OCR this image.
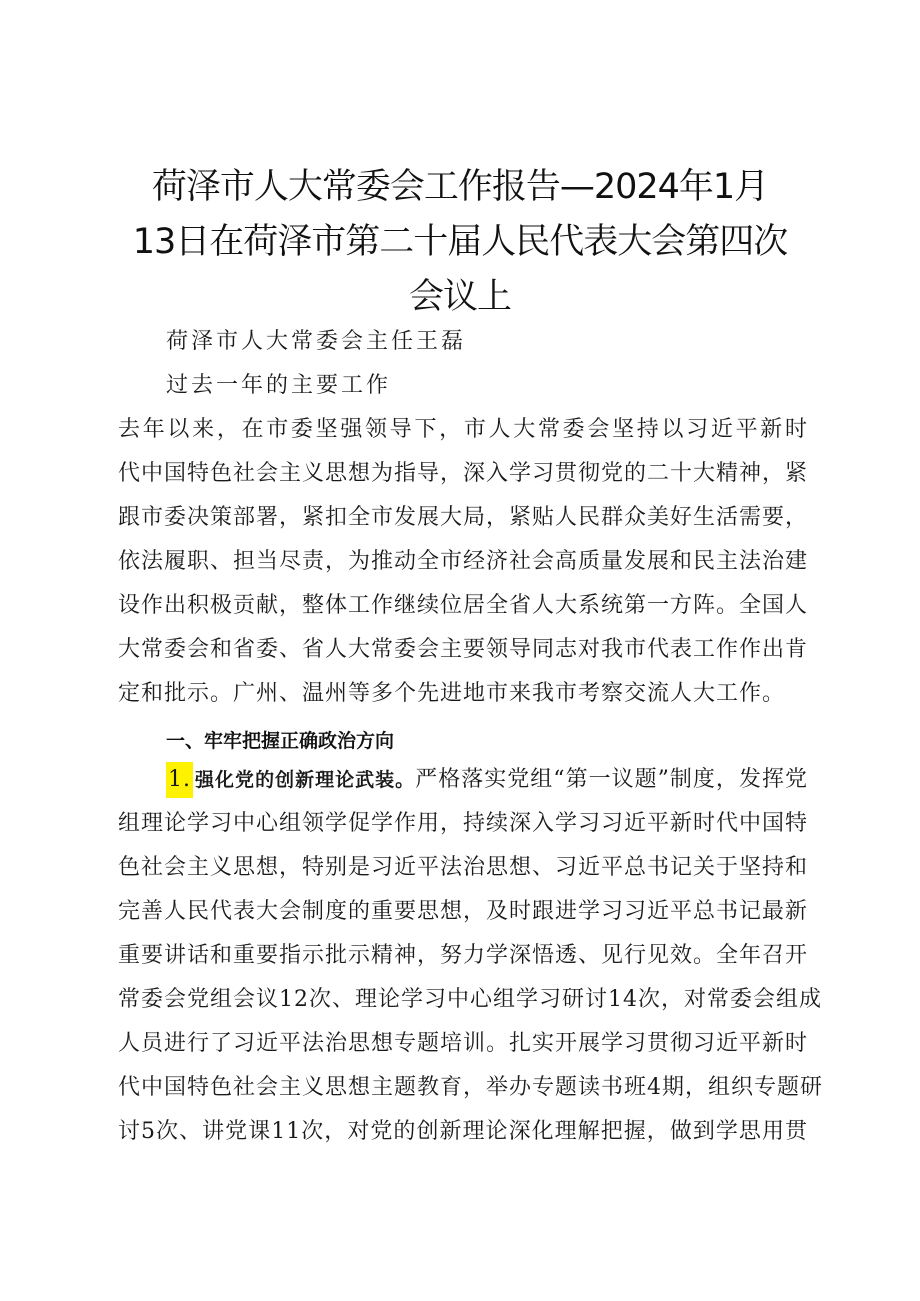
荷泽市人大常委会工作报告—2024年1月
13日在荷泽市第二十届人民代表大会第四次
会议上
荷泽市人大常委会主任王磊
过去一年的主要工作
去年以来，在市委坚强领导下，市人大常委会坚持以习近平新时
代中国特色社会主义思想为指导，深入学习贯彻党的二十大精神，紧
跟市委决策部署，紧扣全市发展大局，紧贴人民群众美好生活需要，
依法履职、担当尽责，为推动全市经济社会高质量发展和民主法治建
设作出积极贡献，整体工作继续位居全省人大系统第一方阵。全国人
大常委会和省委、省人大常委会主要领导同志对我市代表工作作出肯
定和批示。广州、温州等多个先进地市来我市考察交流人大工作。
一、牢牢把握正确政治方向
1. 强化党的创新理论武装。严格落实党组“第一议题”制度，发挥党
组理论学习中心组领学促学作用，持续深入学习习近平新时代中国特
色社会主义思想，特别是习近平法治思想、习近平总书记关于坚持和
完善人民代表大会制度的重要思想，及时跟进学习习近平总书记最新
重要讲话和重要指示批示精神，努力学深悟透、见行见效。全年召开
常委会党组会议12次、理论学习中心组学习研讨14次，对常委会组成
人员进行了习近平法治思想专题培训。扎实开展学习贯彻习近平新时
代中国特色社会主义思想主题教育，举办专题读书班4期，组织专题研
讨5次、讲党课11次，对党的创新理论深化理解把握，做到学思用贯
